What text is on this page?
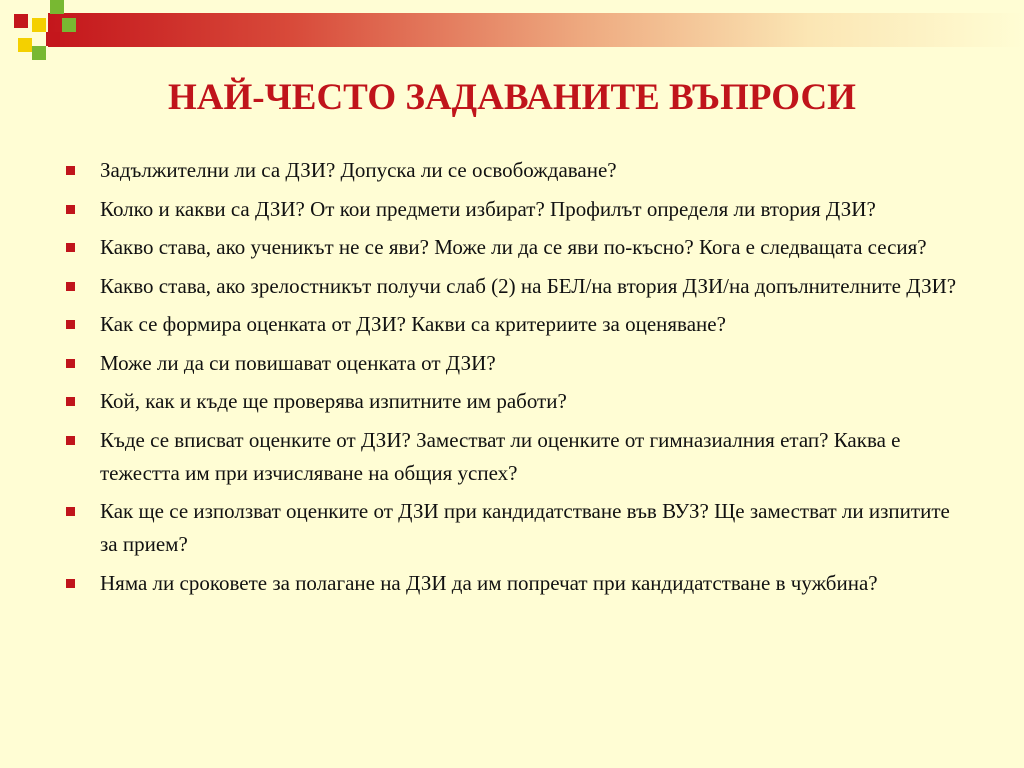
НАЙ-ЧЕСТО ЗАДАВАНИТЕ ВЪПРОСИ
Задължителни ли са ДЗИ? Допуска ли се освобождаване?
Колко и какви са ДЗИ? От кои предмети избират? Профилът определя ли втория ДЗИ?
Какво става, ако ученикът не се яви? Може ли да се яви по-късно? Кога е следващата сесия?
Какво става, ако зрелостникът получи слаб (2) на БЕЛ/на втория ДЗИ/на допълнителните ДЗИ?
Как се формира оценката от ДЗИ? Какви са критериите за оценяване?
Може ли да си повишават оценката от ДЗИ?
Кой, как и къде ще проверява изпитните им работи?
Къде се вписват оценките от ДЗИ? Заместват ли оценките от гимназиалния етап? Каква е тежестта им при изчисляване на общия успех?
Как ще се използват оценките от ДЗИ при кандидатстване във ВУЗ? Ще заместват ли изпитите за прием?
Няма ли сроковете за полагане на ДЗИ да им попречат при кандидатстване в чужбина?
